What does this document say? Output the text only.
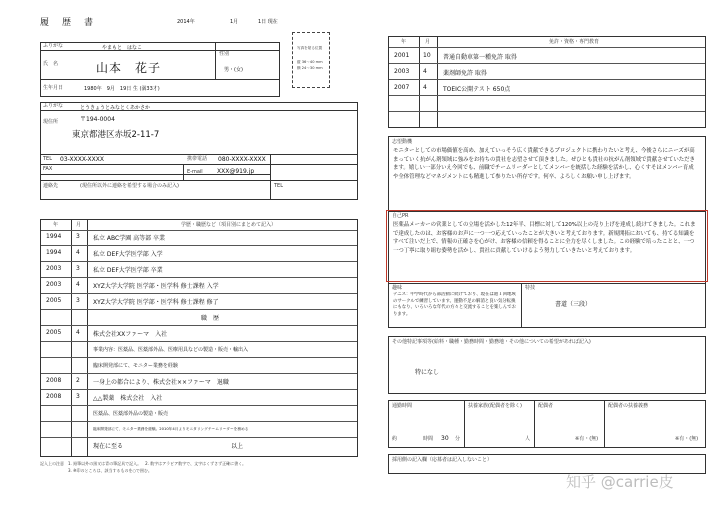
履　歴　書	2014年	1月	1日 現在
写真を貼る位置
縦 36～40 mm
横 24～30 mm
ふりがな	やまもと　はなこ
氏　名	山本　花子
性別
男・(女)
生年月日	1980年　9月　19日 生 (満33才)
ふりがな	とうきょうとみなとくあかさか
現住所	〒194-0004
東京都港区赤坂2-11-7
TEL 03-XXXX-XXXX	携帯電話 080-XXXX-XXXX
FAX	E-mail XXX@919.jp
連絡先	(現住所以外に連絡を希望する場合のみ記入)	TEL
年	月	学歴・職歴など（項目別にまとめて記入）
1994 3 私立 ABC学園 高等部 卒業
1994 4 私立 DEF大学医学部 入学
2003 3 私立 DEF大学医学部 卒業
2003 4 XYZ大学大学院 医学部・医学科 修士課程 入学
2005 3 XYZ大学大学院 医学部・医学科 修士課程 修了
職　歴
2005 4 株式会社XXファーマ　入社
事業内容：医薬品、医薬部外品、医療用具などの製造・販売・輸出入
臨床開発部にて、モニター業務を経験
2008 2 一身上の都合により、株式会社××ファーマ　退職
2008 3 △△製薬　株式会社　入社
医薬品、医薬部外品の製造・販売
臨床開発部にて、モニター業務を経験。2010年4月よりモニタリングチームリーダーを務める
現在に至る　　　　　　　　　　　　　　　　　　以上
記入上の注意　1. 鉛筆以外の黒又は青の筆記具で記入。　2. 数字はアラビア数字で、文字はくずさず正確に書く。
　　　　　　　3. ※印のところは、該当するものを○で囲む。
年	月	免許・資格・専門教育
2001 10 普通自動車第一種免許 取得
2003 4	薬剤師免許 取得
2007 4	TOEIC公開テスト 650点
志望動機
モニターとしての市場価値を高め、加えていっそう広く貴献できるプロジェクトに携わりたいと考え、今後さらにニーズが高まっていく抗がん剤領域に強みをお持ちの貴社を志望させて頂きました。ぜひとも貴社の抗がん剤領域で貴献させていただきます。嬉しい一部分いえ今回でも、前職でチームリーダーとしてメンバーを統括した経験を活かし、心くすそはメンバー育成や全体管理などマネジメントにも精進して参りたい所存です。何卒、よろしくお願い申し上げます。
自己PR
医薬品メーカーの営業としての立場を活かした12年半、目標に対して120%以上の売り上げを達成し続けてきました。これまで達成したのは、お客様のお声に一つ一つ応えていったことが大きいと考えております。新規開拓においても、持てる知識をすべて注いだ上で、情報の正確さを心がけ、お客様の信頼を得ることに全力を尽くしました。この経験で培ったことと、一つ一つ丁寧に取り組む姿勢を活かし、貴社に貢献していけるよう努力していきたいと考えております。
趣味
テニス：中学時代から部活動に続けており、現在は週１回地域のサークルで練習しています。運動不足の解消と良い気分転換にもなり、いろいろな年代の方々と交流することを楽しんでおります。
特技
書道（三段）
その他特記事項等(給料・職種・勤務時間・勤務地・その他についての希望があれば記入)
特になし
通勤時間
約	時間 30 分
扶養家族(配偶者を除く)
人
配偶者
※有・(無)
配偶者の扶養義務
※有・(無)
採用側の記入欄（応募者は記入しないこと）
知乎 @carrie皮
